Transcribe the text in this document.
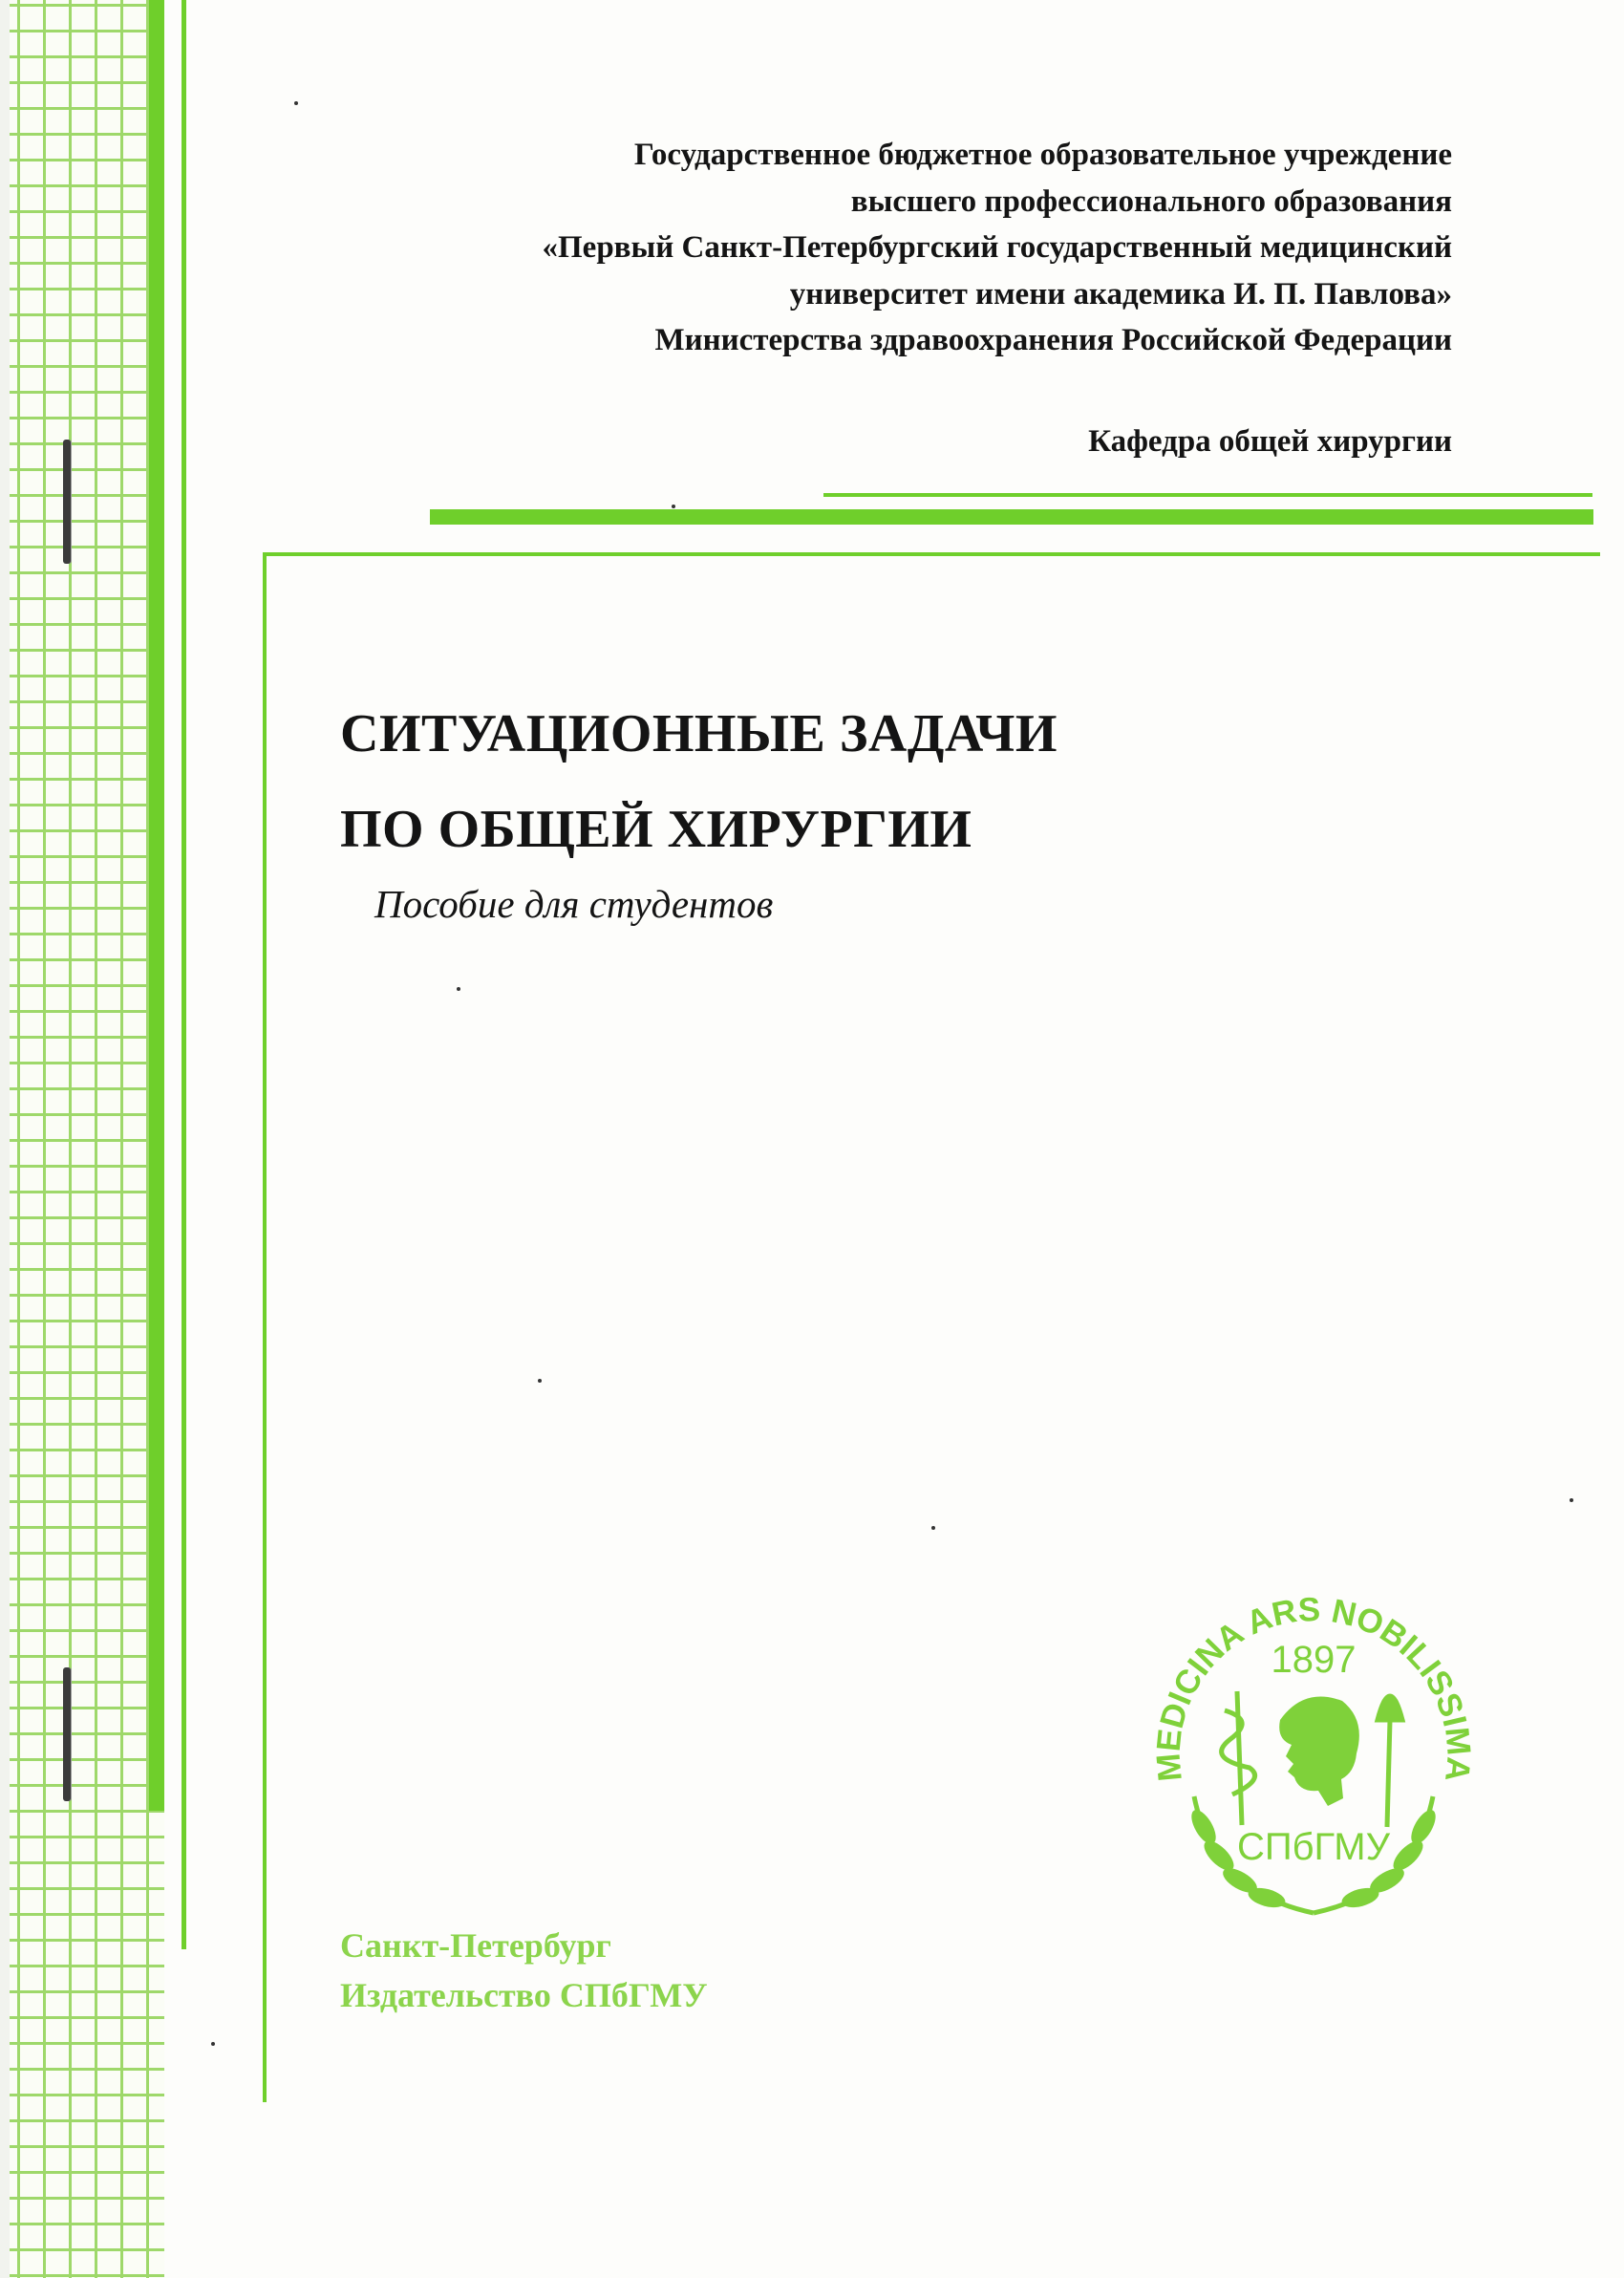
Государственное бюджетное образовательное учреждение
высшего профессионального образования
«Первый Санкт-Петербургский государственный медицинский
университет имени академика И. П. Павлова»
Министерства здравоохранения Российской Федерации
Кафедра общей хирургии
СИТУАЦИОННЫЕ ЗАДАЧИ
ПО ОБЩЕЙ ХИРУРГИИ
Пособие для студентов
Санкт-Петербург
Издательство СПбГМУ
MEDICINA ARS NOBILISSIMA
1897
СПбГМУ
